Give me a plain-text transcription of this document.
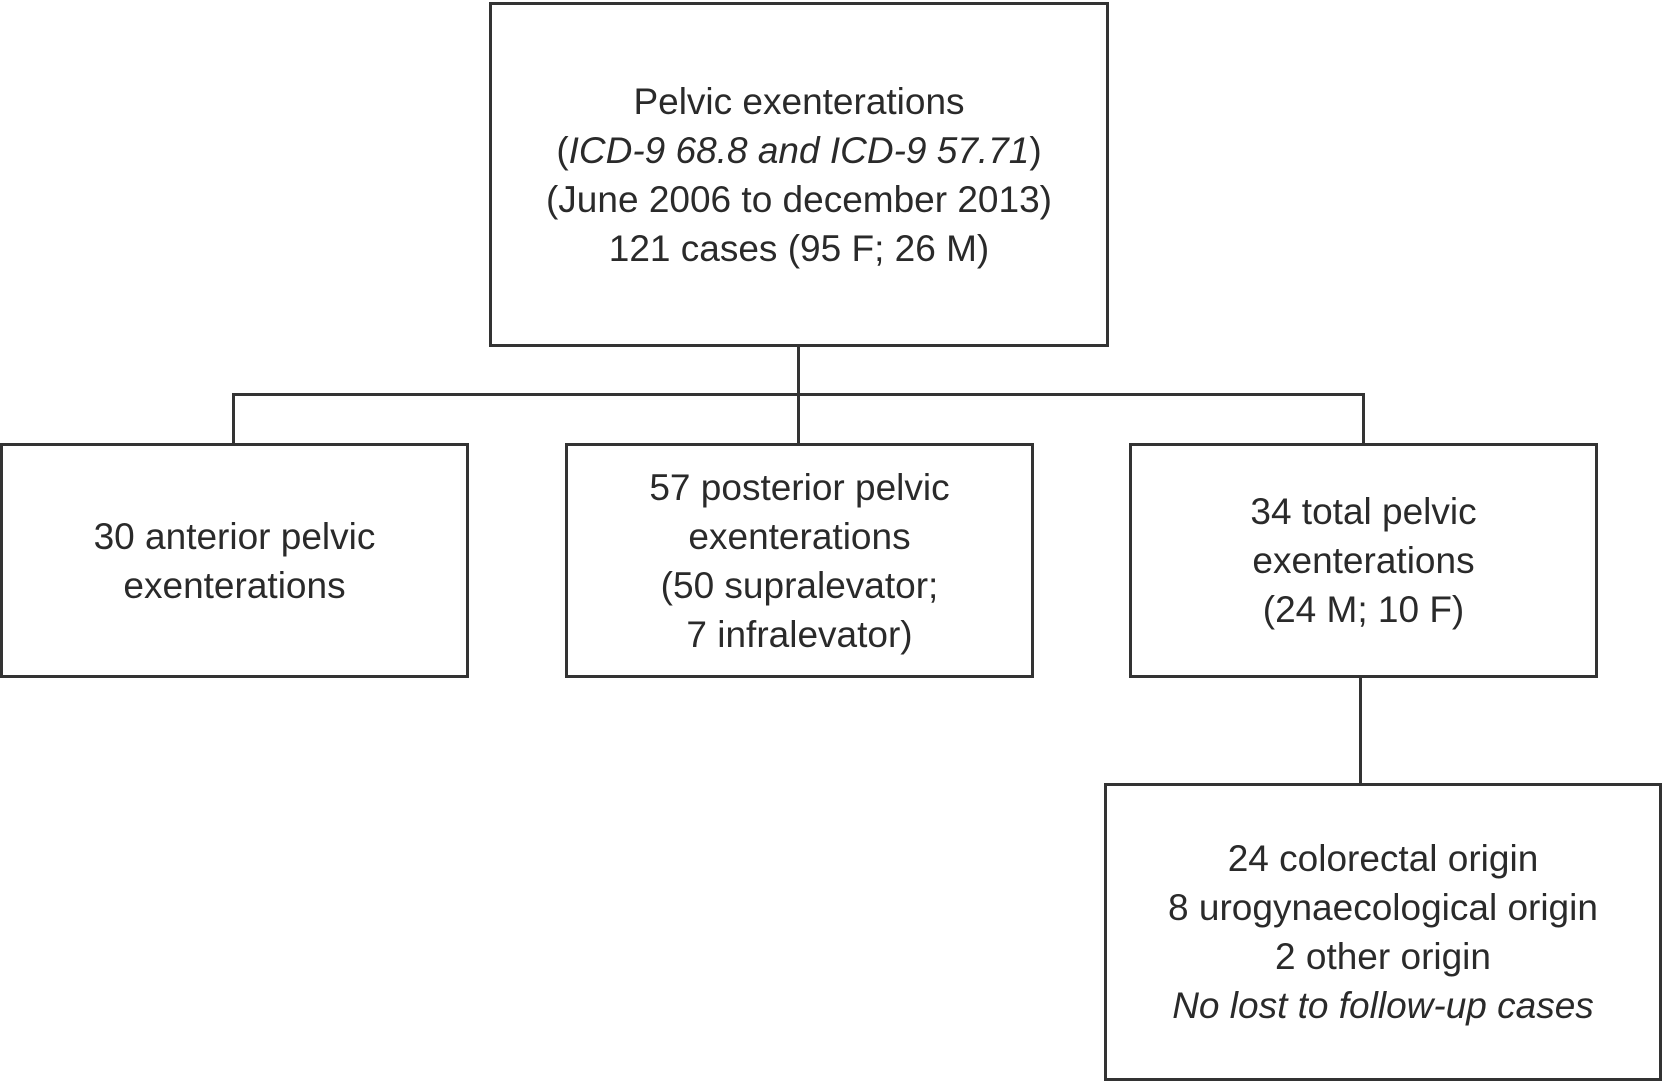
Pelvic exenterations
(ICD-9 68.8 and ICD-9 57.71)
(June 2006 to december 2013)
121 cases (95 F; 26 M)
30 anterior pelvic
exenterations
57 posterior pelvic
exenterations
(50 supralevator;
7 infralevator)
34 total pelvic
exenterations
(24 M; 10 F)
24 colorectal origin
8 urogynaecological origin
2 other origin
No lost to follow-up cases
